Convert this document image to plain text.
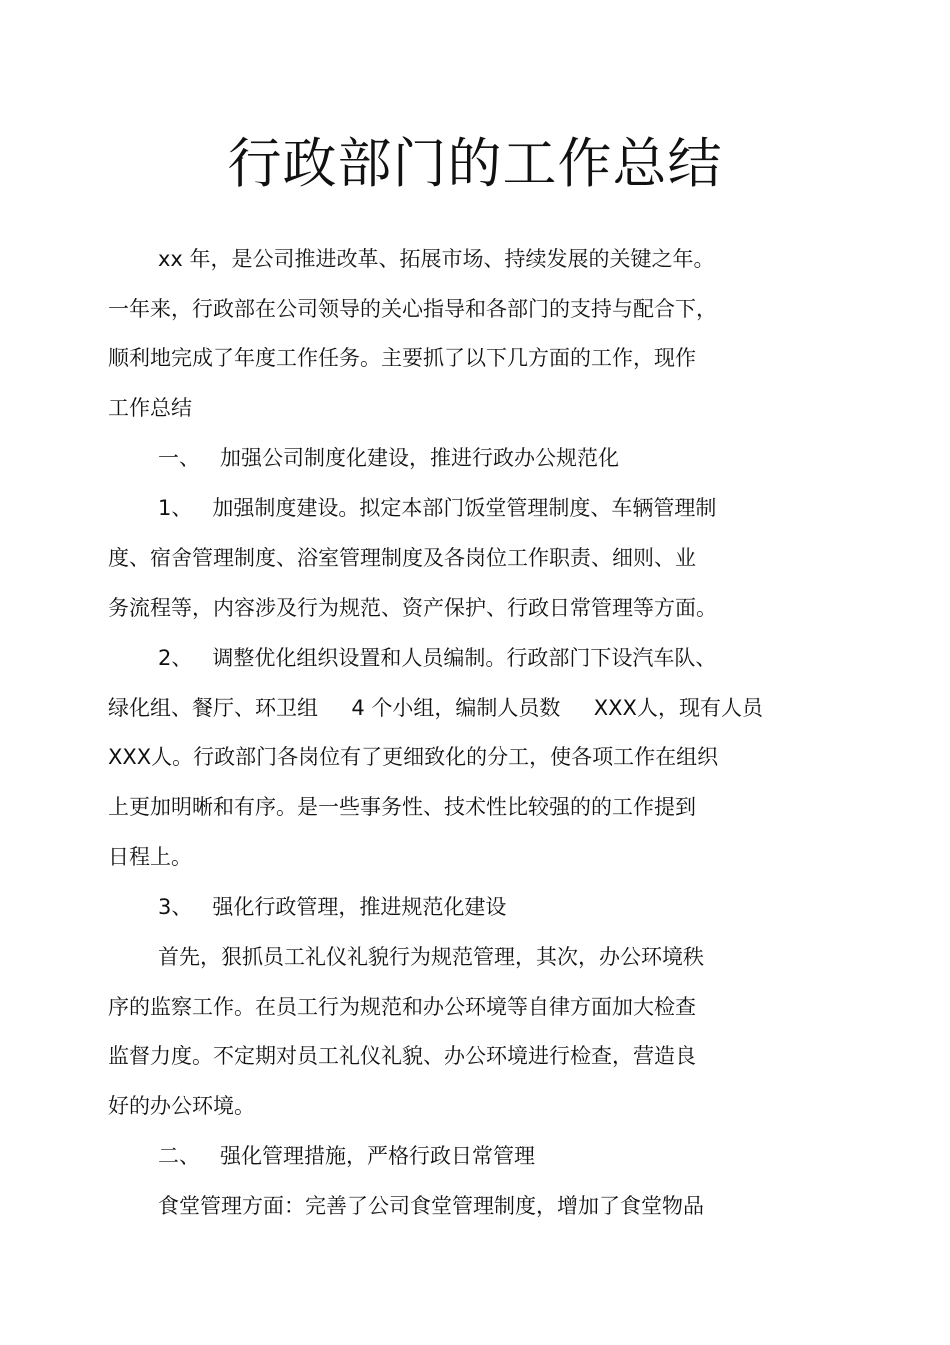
行政部门的工作总结
xx 年，是公司推进改革、拓展市场、持续发展的关键之年。
一年来，行政部在公司领导的关心指导和各部门的支持与配合下，
顺利地完成了年度工作任务。主要抓了以下几方面的工作，现作
工作总结
一、   加强公司制度化建设，推进行政办公规范化
1、   加强制度建设。拟定本部门饭堂管理制度、车辆管理制
度、宿舍管理制度、浴室管理制度及各岗位工作职责、细则、业
务流程等，内容涉及行为规范、资产保护、行政日常管理等方面。
2、   调整优化组织设置和人员编制。行政部门下设汽车队、
绿化组、餐厅、环卫组     4 个小组，编制人员数     XXX人，现有人员
XXX人。行政部门各岗位有了更细致化的分工，使各项工作在组织
上更加明晰和有序。是一些事务性、技术性比较强的的工作提到
日程上。
3、   强化行政管理，推进规范化建设
首先，狠抓员工礼仪礼貌行为规范管理，其次，办公环境秩
序的监察工作。在员工行为规范和办公环境等自律方面加大检查
监督力度。不定期对员工礼仪礼貌、办公环境进行检查，营造良
好的办公环境。
二、   强化管理措施，严格行政日常管理
食堂管理方面：完善了公司食堂管理制度，增加了食堂物品
